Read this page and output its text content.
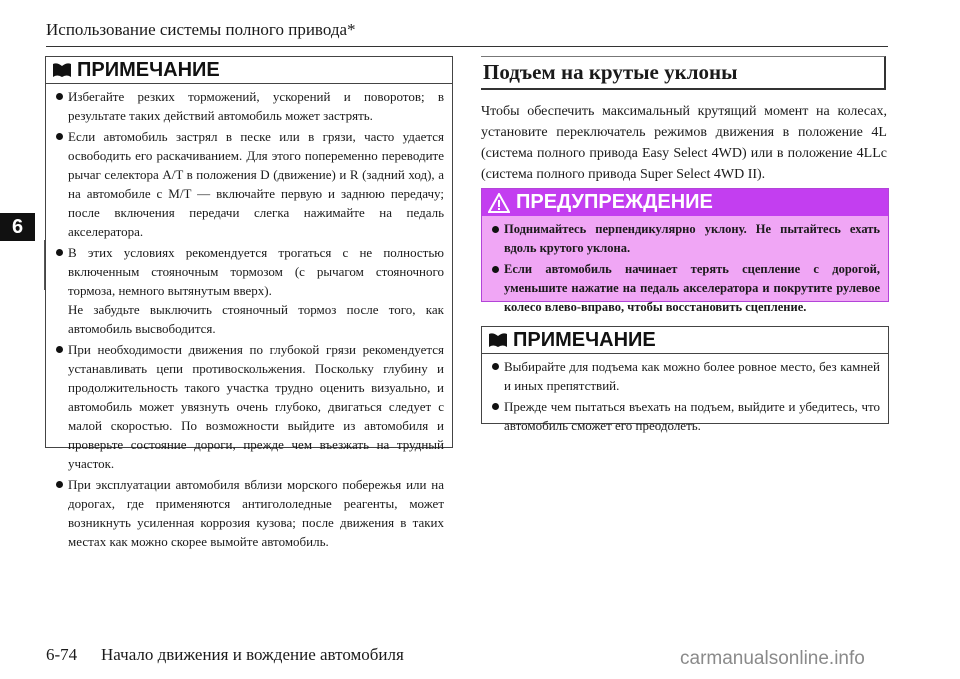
Использование системы полного привода*
6
ПРИМЕЧАНИЕ

Избегайте резких торможений, ускорений и поворотов; в результате таких действий автомобиль может застрять.

Если автомобиль застрял в песке или в грязи, часто удается освободить его раскачиванием. Для этого попеременно переводите рычаг селектора A/T в положения D (движение) и R (задний ход), а на автомобиле с M/T — включайте первую и заднюю передачу; после включения передачи слегка нажимайте на педаль акселератора.

В этих условиях рекомендуется трогаться с не полностью включенным стояночным тормозом (с рычагом стояночного тормоза, немного вытянутым вверх).

Не забудьте выключить стояночный тормоз после того, как автомобиль высвободится.

При необходимости движения по глубокой грязи рекомендуется устанавливать цепи противоскольжения. Поскольку глубину и продолжительность такого участка трудно оценить визуально, и автомобиль может увязнуть очень глубоко, двигаться следует с малой скоростью. По возможности выйдите из автомобиля и проверьте состояние дороги, прежде чем въезжать на трудный участок.

При эксплуатации автомобиля вблизи морского побережья или на дорогах, где применяются антигололедные реагенты, может возникнуть усиленная коррозия кузова; после движения в таких местах как можно скорее вымойте автомобиль.

Подъем на крутые уклоны
Чтобы обеспечить максимальный крутящий момент на колесах, установите переключатель режимов движения в положение 4L (система полного привода Easy Select 4WD) или в положение 4LLc (система полного привода Super Select 4WD II).
ПРЕДУПРЕЖДЕНИЕ

Поднимайтесь перпендикулярно уклону. Не пытайтесь ехать вдоль крутого уклона.

Если автомобиль начинает терять сцепление с дорогой, уменьшите нажатие на педаль акселератора и покрутите рулевое колесо влево-вправо, чтобы восстановить сцепление.

ПРИМЕЧАНИЕ

Выбирайте для подъема как можно более ровное место, без камней и иных препятствий.

Прежде чем пытаться въехать на подъем, выйдите и убедитесь, что автомобиль сможет его преодолеть.

6-74 Начало движения и вождение автомобиля	carmanualsonline.info
